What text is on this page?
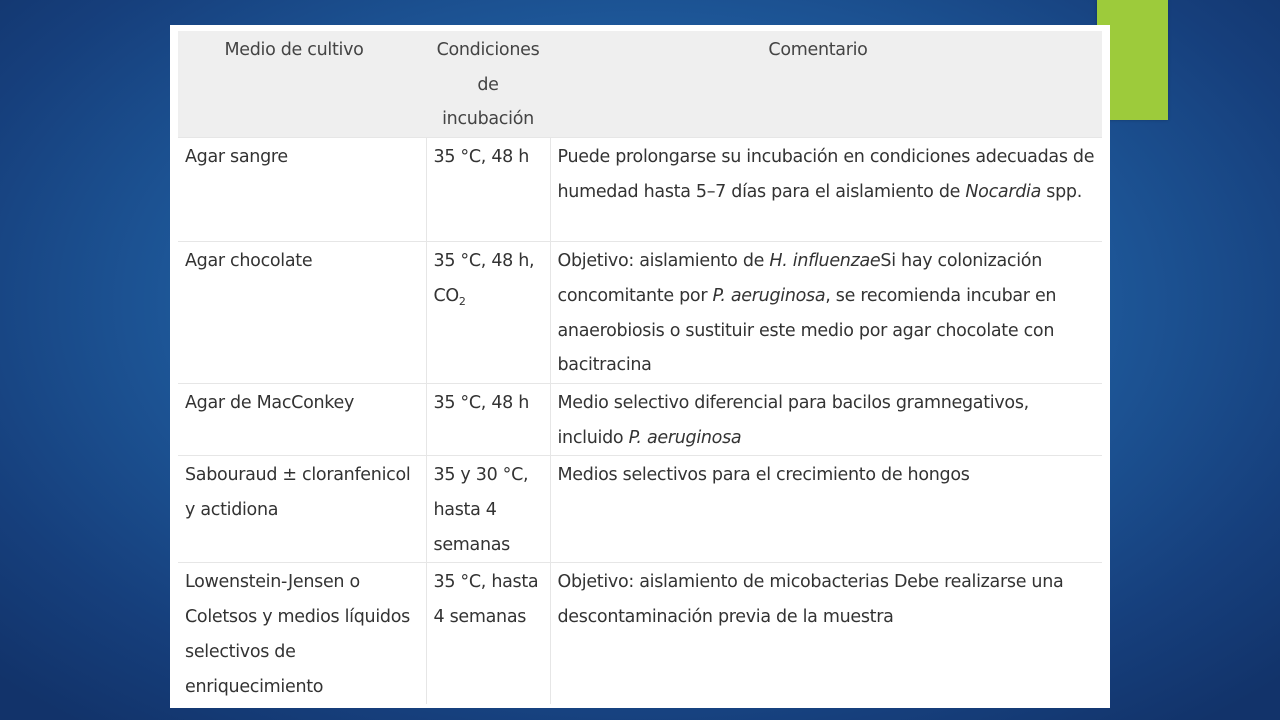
Medio de cultivo	Condiciones de incubación	Comentario
Agar sangre	35 °C, 48 h	Puede prolongarse su incubación en condiciones adecuadas de humedad hasta 5–7 días para el aislamiento de Nocardia spp.
Agar chocolate	35 °C, 48 h, $CO_2$	Objetivo: aislamiento de H. influenzaeSi hay colonización concomitante por P. aeruginosa, se recomienda incubar en anaerobiosis o sustituir este medio por agar chocolate con bacitracina
Agar de MacConkey	35 °C, 48 h	Medio selectivo diferencial para bacilos gramnegativos, incluido P. aeruginosa
Sabouraud ± cloranfenicol y actidiona	35 y 30 °C, hasta 4 semanas	Medios selectivos para el crecimiento de hongos
Lowenstein-Jensen o Coletsos y medios líquidos selectivos de enriquecimiento	35 °C, hasta 4 semanas	Objetivo: aislamiento de micobacterias Debe realizarse una descontaminación previa de la muestra
